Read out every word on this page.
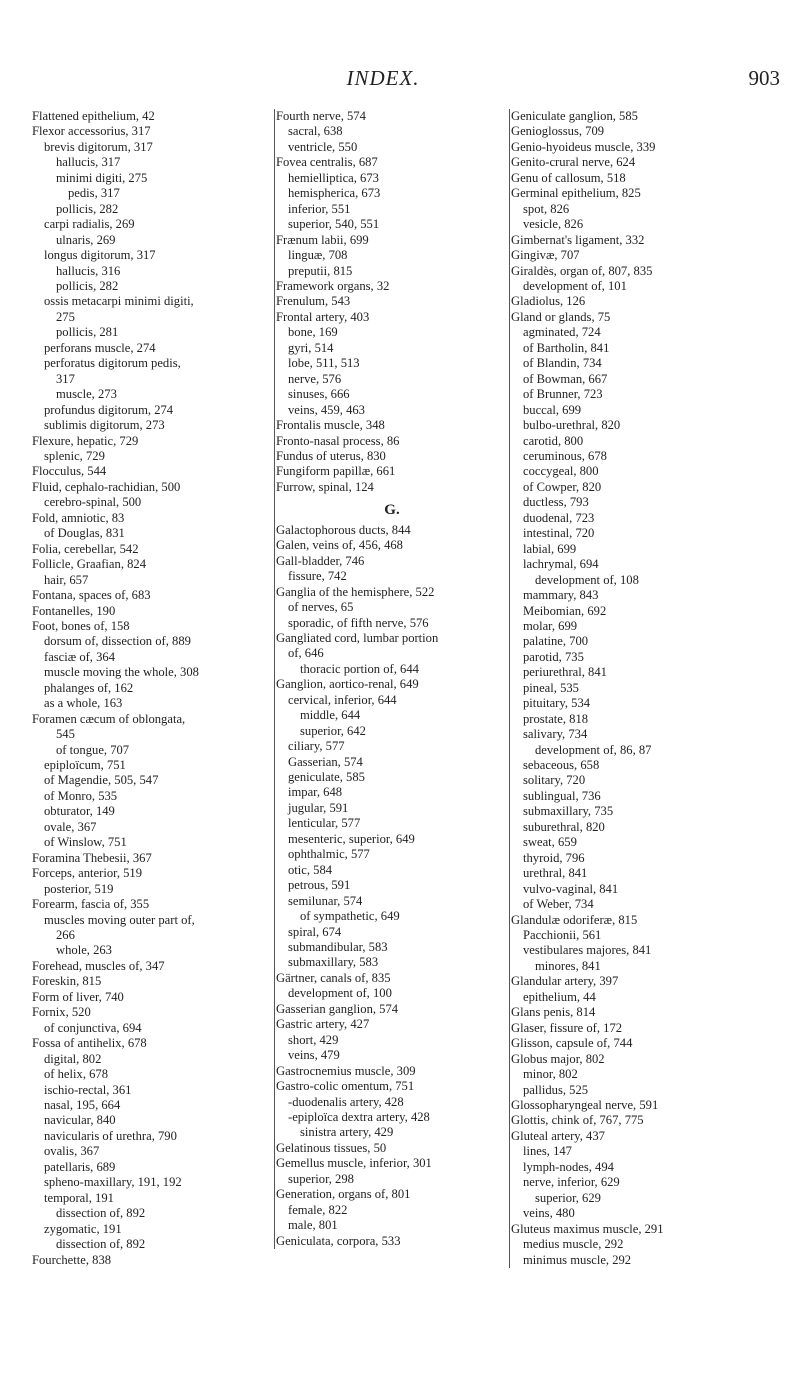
INDEX.	903
Flattened epithelium, 42
Flexor accessorius, 317
brevis digitorum, 317
hallucis, 317
minimi digiti, 275
pedis, 317
pollicis, 282
carpi radialis, 269
ulnaris, 269
longus digitorum, 317
hallucis, 316
pollicis, 282
ossis metacarpi minimi digiti,
275
pollicis, 281
perforans muscle, 274
perforatus digitorum pedis,
317
muscle, 273
profundus digitorum, 274
sublimis digitorum, 273
Flexure, hepatic, 729
splenic, 729
Flocculus, 544
Fluid, cephalo-rachidian, 500
cerebro-spinal, 500
Fold, amniotic, 83
of Douglas, 831
Folia, cerebellar, 542
Follicle, Graafian, 824
hair, 657
Fontana, spaces of, 683
Fontanelles, 190
Foot, bones of, 158
dorsum of, dissection of, 889
fasciæ of, 364
muscle moving the whole, 308
phalanges of, 162
as a whole, 163
Foramen cæcum of oblongata,
545
of tongue, 707
epiploïcum, 751
of Magendie, 505, 547
of Monro, 535
obturator, 149
ovale, 367
of Winslow, 751
Foramina Thebesii, 367
Forceps, anterior, 519
posterior, 519
Forearm, fascia of, 355
muscles moving outer part of,
266
whole, 263
Forehead, muscles of, 347
Foreskin, 815
Form of liver, 740
Fornix, 520
of conjunctiva, 694
Fossa of antihelix, 678
digital, 802
of helix, 678
ischio-rectal, 361
nasal, 195, 664
navicular, 840
navicularis of urethra, 790
ovalis, 367
patellaris, 689
spheno-maxillary, 191, 192
temporal, 191
dissection of, 892
zygomatic, 191
dissection of, 892
Fourchette, 838
Fourth nerve, 574
sacral, 638
ventricle, 550
Fovea centralis, 687
hemielliptica, 673
hemispherica, 673
inferior, 551
superior, 540, 551
Frænum labii, 699
linguæ, 708
preputii, 815
Framework organs, 32
Frenulum, 543
Frontal artery, 403
bone, 169
gyri, 514
lobe, 511, 513
nerve, 576
sinuses, 666
veins, 459, 463
Frontalis muscle, 348
Fronto-nasal process, 86
Fundus of uterus, 830
Fungiform papillæ, 661
Furrow, spinal, 124
G.
Galactophorous ducts, 844
Galen, veins of, 456, 468
Gall-bladder, 746
fissure, 742
Ganglia of the hemisphere, 522
of nerves, 65
sporadic, of fifth nerve, 576
Gangliated cord, lumbar portion
of, 646
thoracic portion of, 644
Ganglion, aortico-renal, 649
cervical, inferior, 644
middle, 644
superior, 642
ciliary, 577
Gasserian, 574
geniculate, 585
impar, 648
jugular, 591
lenticular, 577
mesenteric, superior, 649
ophthalmic, 577
otic, 584
petrous, 591
semilunar, 574
of sympathetic, 649
spiral, 674
submandibular, 583
submaxillary, 583
Gärtner, canals of, 835
development of, 100
Gasserian ganglion, 574
Gastric artery, 427
short, 429
veins, 479
Gastrocnemius muscle, 309
Gastro-colic omentum, 751
-duodenalis artery, 428
-epiploïca dextra artery, 428
sinistra artery, 429
Gelatinous tissues, 50
Gemellus muscle, inferior, 301
superior, 298
Generation, organs of, 801
female, 822
male, 801
Geniculata, corpora, 533
Geniculate ganglion, 585
Genioglossus, 709
Genio-hyoideus muscle, 339
Genito-crural nerve, 624
Genu of callosum, 518
Germinal epithelium, 825
spot, 826
vesicle, 826
Gimbernat's ligament, 332
Gingivæ, 707
Giraldès, organ of, 807, 835
development of, 101
Gladiolus, 126
Gland or glands, 75
agminated, 724
of Bartholin, 841
of Blandin, 734
of Bowman, 667
of Brunner, 723
buccal, 699
bulbo-urethral, 820
carotid, 800
ceruminous, 678
coccygeal, 800
of Cowper, 820
ductless, 793
duodenal, 723
intestinal, 720
labial, 699
lachrymal, 694
development of, 108
mammary, 843
Meibomian, 692
molar, 699
palatine, 700
parotid, 735
periurethral, 841
pineal, 535
pituitary, 534
prostate, 818
salivary, 734
development of, 86, 87
sebaceous, 658
solitary, 720
sublingual, 736
submaxillary, 735
suburethral, 820
sweat, 659
thyroid, 796
urethral, 841
vulvo-vaginal, 841
of Weber, 734
Glandulæ odoriferæ, 815
Pacchionii, 561
vestibulares majores, 841
minores, 841
Glandular artery, 397
epithelium, 44
Glans penis, 814
Glaser, fissure of, 172
Glisson, capsule of, 744
Globus major, 802
minor, 802
pallidus, 525
Glossopharyngeal nerve, 591
Glottis, chink of, 767, 775
Gluteal artery, 437
lines, 147
lymph-nodes, 494
nerve, inferior, 629
superior, 629
veins, 480
Gluteus maximus muscle, 291
medius muscle, 292
minimus muscle, 292
